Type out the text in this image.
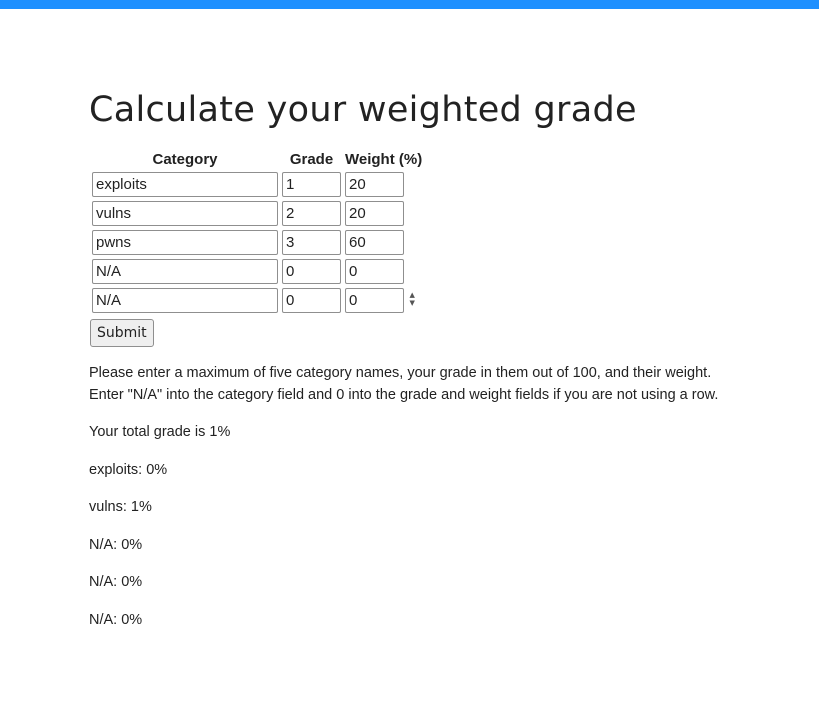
Calculate your weighted grade
Category	Grade	Weight (%)
exploits	1	20
vulns	2	20
pwns	3	60
N/A	0	0
N/A	0	0
▲
▼
Submit

Please enter a maximum of five category names, your grade in them out of 100, and their weight. Enter "N/A" into the category field and 0 into the grade and weight fields if you are not using a row.

Your total grade is 1%

exploits: 0%

vulns: 1%

N/A: 0%

N/A: 0%

N/A: 0%
